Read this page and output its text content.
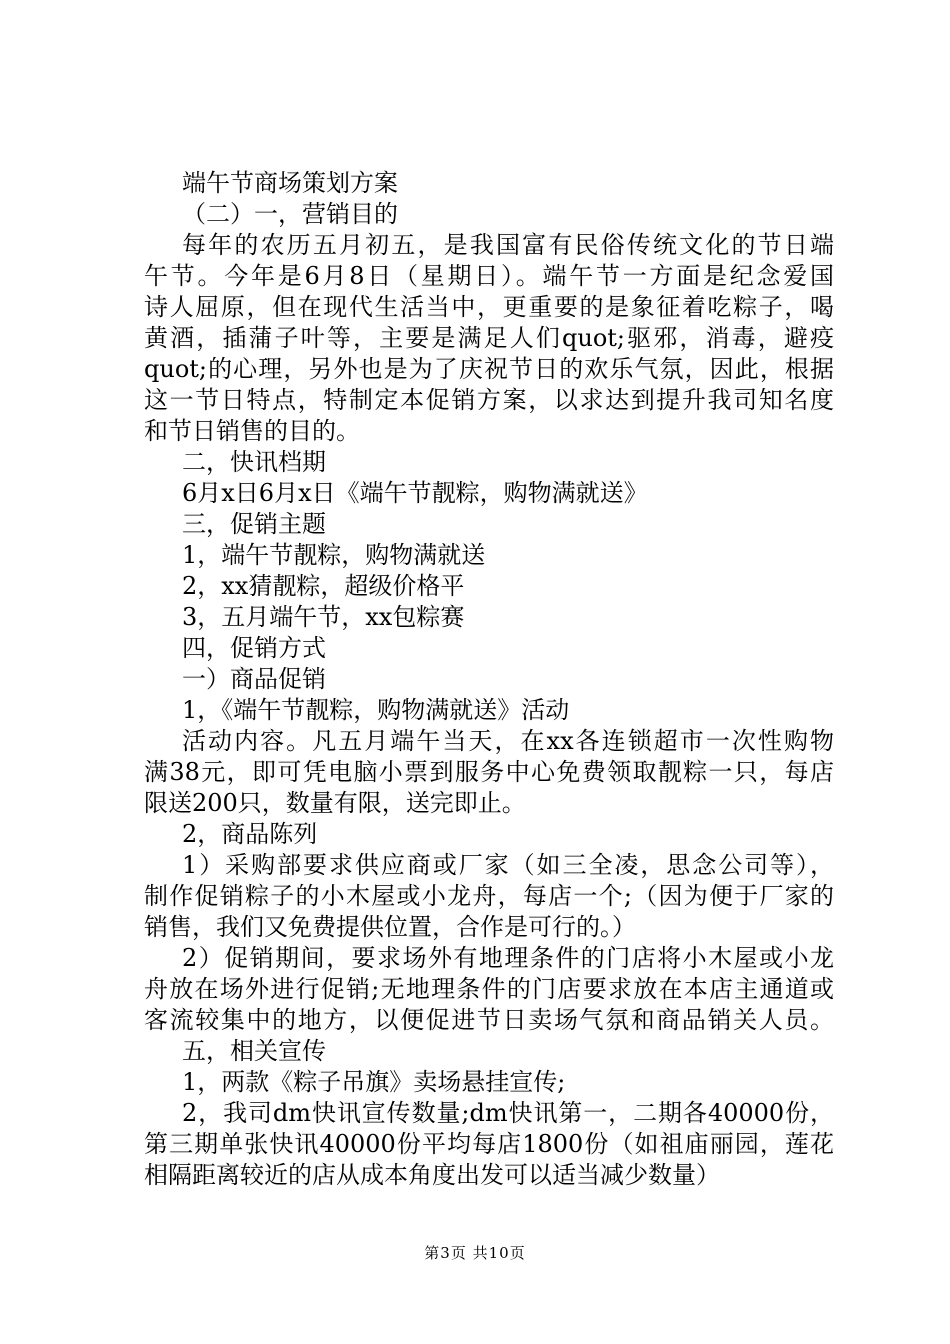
端午节商场策划方案
（二）一，营销目的
每年的农历五月初五，是我国富有民俗传统文化的节日端
午节。今年是6月8日（星期日）。端午节一方面是纪念爱国
诗人屈原，但在现代生活当中，更重要的是象征着吃粽子，喝
黄酒，插蒲子叶等，主要是满足人们quot;驱邪，消毒，避疫
quot;的心理，另外也是为了庆祝节日的欢乐气氛，因此，根据
这一节日特点，特制定本促销方案，以求达到提升我司知名度
和节日销售的目的。
二，快讯档期
6月x日6月x日《端午节靓粽，购物满就送》
三，促销主题
1，端午节靓粽，购物满就送
2，xx猜靓粽，超级价格平
3，五月端午节，xx包粽赛
四，促销方式
一）商品促销
1，《端午节靓粽，购物满就送》活动
活动内容。凡五月端午当天，在xx各连锁超市一次性购物
满38元，即可凭电脑小票到服务中心免费领取靓粽一只，每店
限送200只，数量有限，送完即止。
2，商品陈列
1）采购部要求供应商或厂家（如三全凌，思念公司等），
制作促销粽子的小木屋或小龙舟，每店一个;（因为便于厂家的
销售，我们又免费提供位置，合作是可行的。）
2）促销期间，要求场外有地理条件的门店将小木屋或小龙
舟放在场外进行促销;无地理条件的门店要求放在本店主通道或
客流较集中的地方，以便促进节日卖场气氛和商品销关人员。
五，相关宣传
1，两款《粽子吊旗》卖场悬挂宣传;
2，我司dm快讯宣传数量;dm快讯第一，二期各40000份，
第三期单张快讯40000份平均每店1800份（如祖庙丽园，莲花
相隔距离较近的店从成本角度出发可以适当减少数量）
第3页 共10页
